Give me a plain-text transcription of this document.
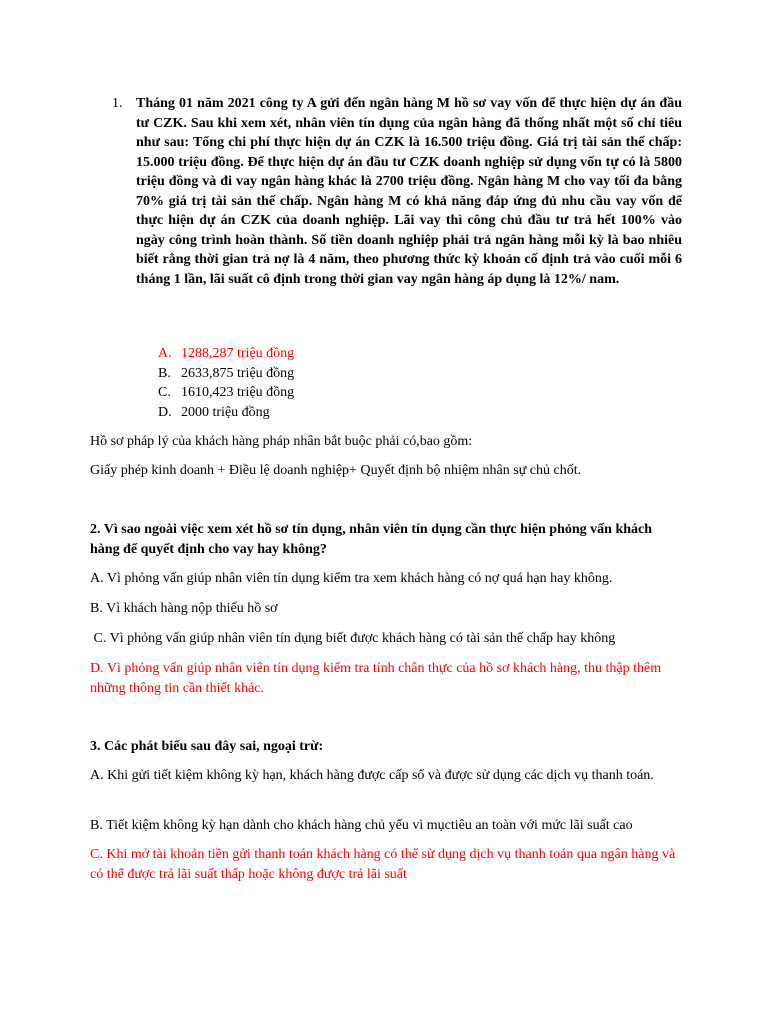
1. Tháng 01 năm 2021 công ty A gửi đến ngân hàng M hồ sơ vay vốn để thực hiện dự án đầu tư CZK. Sau khi xem xét, nhân viên tín dụng của ngân hàng đã thống nhất một số chỉ tiêu như sau: Tổng chi phí thực hiện dự án CZK là 16.500 triệu đồng. Giá trị tài sản thế chấp: 15.000 triệu đồng. Để thực hiện dự án đầu tư CZK doanh nghiệp sử dụng vốn tự có là 5800 triệu đồng và đi vay ngân hàng khác là 2700 triệu đồng. Ngân hàng M cho vay tối đa bằng 70% giá trị tài sản thế chấp. Ngân hàng M có khả năng đáp ứng đủ nhu cầu vay vốn để thực hiện dự án CZK của doanh nghiệp. Lãi vay thì công chủ đầu tư trả hết 100% vào ngày công trình hoàn thành. Số tiền doanh nghiệp phải trả ngân hàng mỗi kỳ là bao nhiêu biết rằng thời gian trả nợ là 4 năm, theo phương thức kỳ khoản cố định trả vào cuối mỗi 6 tháng 1 lần, lãi suất cô định trong thời gian vay ngân hàng áp dụng là 12%/ nam.
A. 1288,287 triệu đồng
B. 2633,875 triệu đồng
C. 1610,423 triệu đồng
D. 2000 triệu đồng
Hồ sơ pháp lý của khách hàng pháp nhân bắt buộc phải có,bao gồm:
Giấy phép kinh doanh + Điều lệ doanh nghiệp+ Quyết định bộ nhiệm nhân sự chủ chốt.
2. Vì sao ngoài việc xem xét hồ sơ tín dụng, nhân viên tín dụng cần thực hiện phỏng vấn khách hàng để quyết định cho vay hay không?
A. Vì phỏng vấn giúp nhân viên tín dụng kiểm tra xem khách hàng có nợ quá hạn hay không.
B. Vì khách hàng nộp thiếu hồ sơ
C. Vì phỏng vấn giúp nhân viên tín dụng biết được khách hàng có tài sản thế chấp hay không
D. Vì phỏng vấn giúp nhân viên tín dụng kiểm tra tính chân thực của hồ sơ khách hàng, thu thập thêm những thông tin cần thiết khác.
3. Các phát biểu sau đây sai, ngoại trừ:
A. Khi gửi tiết kiệm không kỳ hạn, khách hàng được cấp sổ và được sử dụng các dịch vụ thanh toán.
B. Tiết kiệm không kỳ hạn dành cho khách hàng chủ yếu vì mụctiêu an toàn với mức lãi suất cao
C. Khi mở tài khoản tiền gửi thanh toán khách hàng có thể sử dụng dịch vụ thanh toán qua ngân hàng và có thể được trả lãi suất thấp hoặc không được trả lãi suất
